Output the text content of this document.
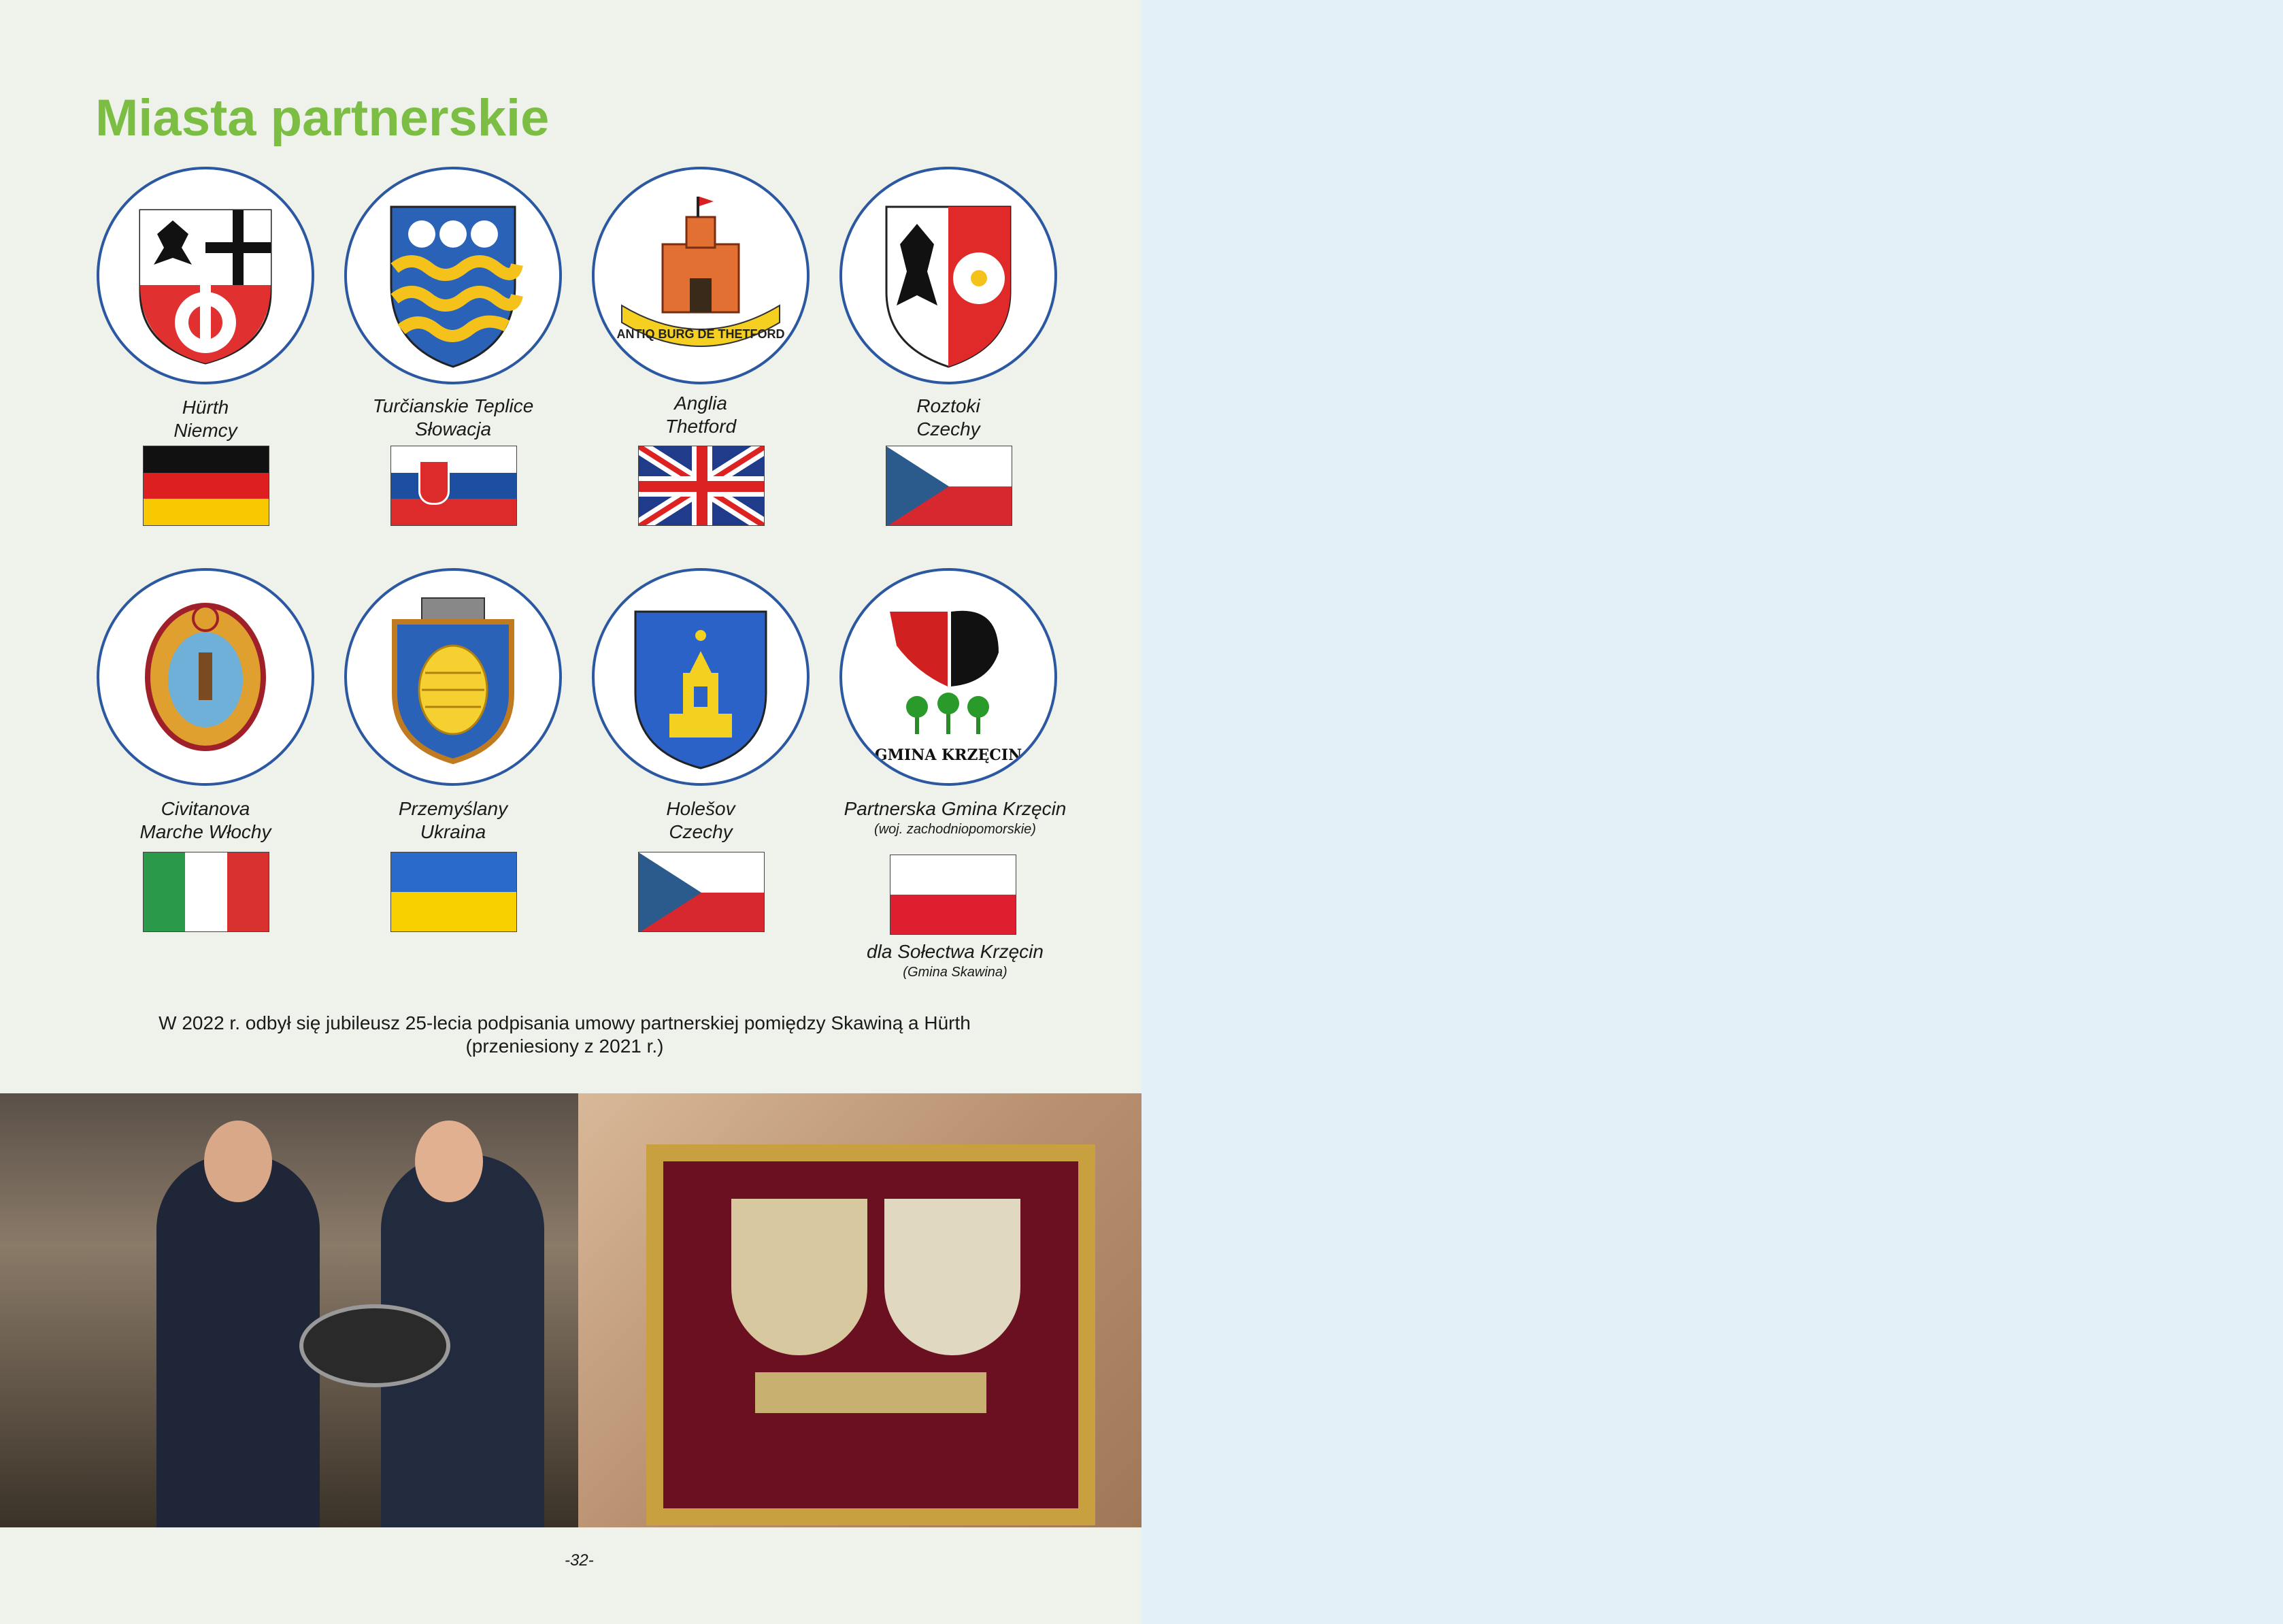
Miasta partnerskie
ANTIQ BURG DE THETFORD
Hürth
Niemcy
Turčianskie Teplice
Słowacja
Anglia
Thetford
Roztoki
Czechy
GMINA KRZĘCIN
Civitanova
Marche Włochy
Przemyślany
Ukraina
Holešov
Czechy
Partnerska Gmina Krzęcin
(woj. zachodniopomorskie)
dla Sołectwa Krzęcin
(Gmina Skawina)
W 2022 r. odbył się jubileusz 25-lecia podpisania umowy partnerskiej pomiędzy Skawiną a Hürth
(przeniesiony z 2021 r.)
-32-
